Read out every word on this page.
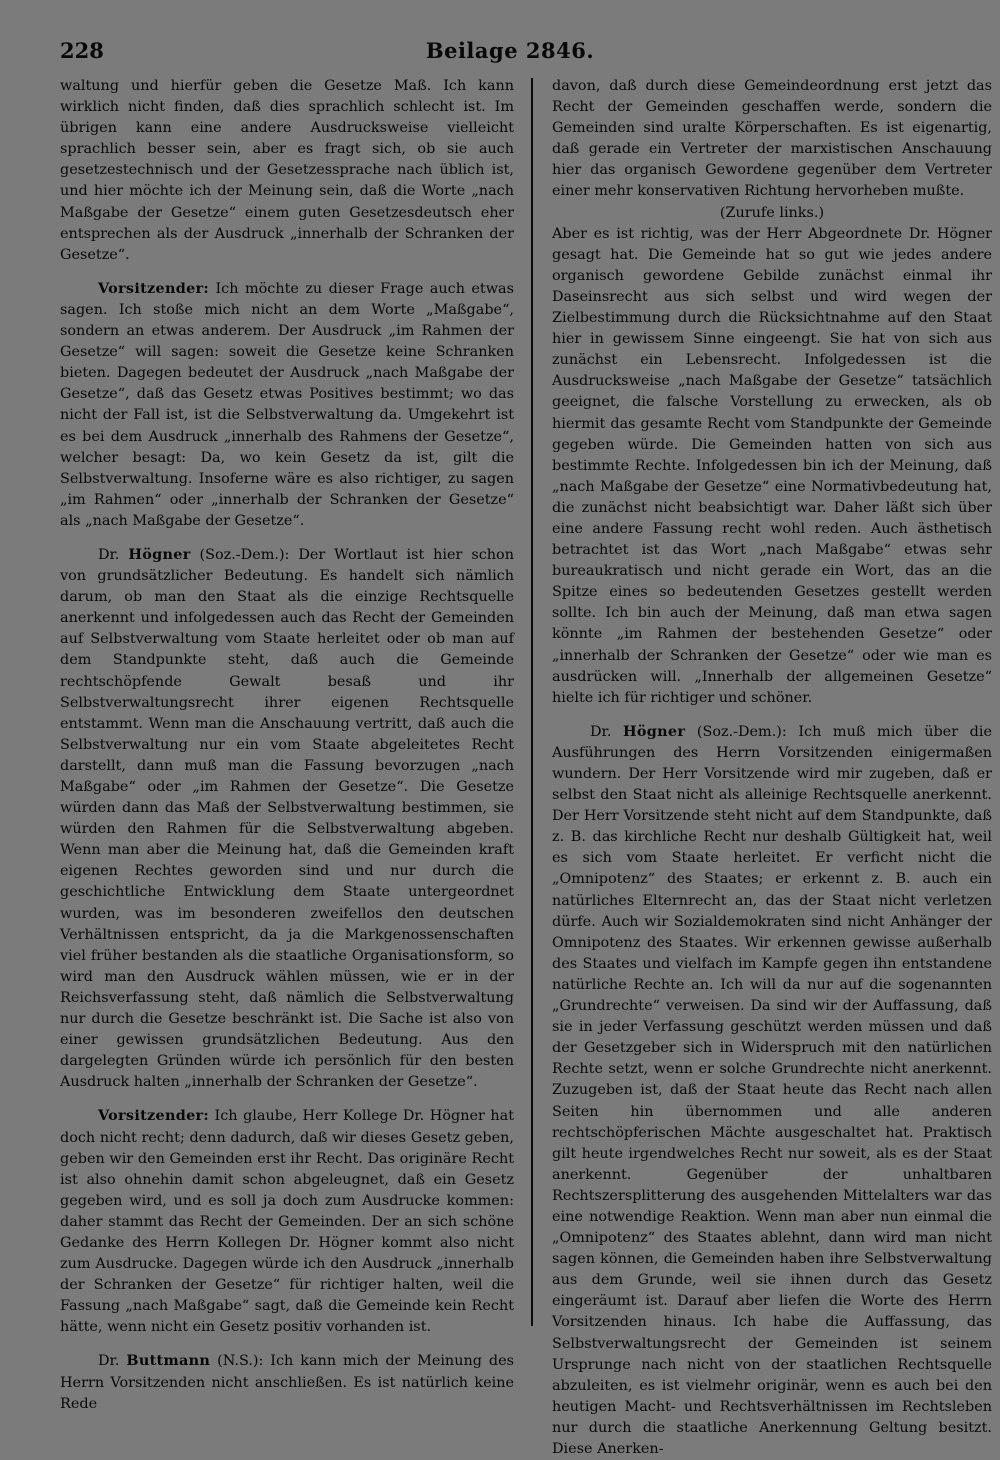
228	Beilage 2846.

waltung und hierfür geben die Gesetze Maß. Ich kann wirklich nicht finden, daß dies sprachlich schlecht ist. Im übrigen kann eine andere Ausdrucksweise vielleicht sprachlich besser sein, aber es fragt sich, ob sie auch gesetzestechnisch und der Gesetzessprache nach üblich ist, und hier möchte ich der Meinung sein, daß die Worte „nach Maßgabe der Gesetze“ einem guten Gesetzesdeutsch eher entsprechen als der Ausdruck „innerhalb der Schranken der Gesetze“.

Vorsitzender: Ich möchte zu dieser Frage auch etwas sagen. Ich stoße mich nicht an dem Worte „Maßgabe“, sondern an etwas anderem. Der Ausdruck „im Rahmen der Gesetze“ will sagen: soweit die Gesetze keine Schranken bieten. Dagegen bedeutet der Ausdruck „nach Maßgabe der Gesetze“, daß das Gesetz etwas Positives bestimmt; wo das nicht der Fall ist, ist die Selbstverwaltung da. Umgekehrt ist es bei dem Ausdruck „innerhalb des Rahmens der Gesetze“, welcher besagt: Da, wo kein Gesetz da ist, gilt die Selbstverwaltung. Insoferne wäre es also richtiger, zu sagen „im Rahmen“ oder „innerhalb der Schranken der Gesetze“ als „nach Maßgabe der Gesetze“.

Dr. Högner (Soz.-Dem.): Der Wortlaut ist hier schon von grundsätzlicher Bedeutung. Es handelt sich nämlich darum, ob man den Staat als die einzige Rechtsquelle anerkennt und infolgedessen auch das Recht der Gemeinden auf Selbstverwaltung vom Staate herleitet oder ob man auf dem Standpunkte steht, daß auch die Gemeinde rechtschöpfende Gewalt besaß und ihr Selbstverwaltungsrecht ihrer eigenen Rechtsquelle entstammt. Wenn man die Anschauung vertritt, daß auch die Selbstverwaltung nur ein vom Staate abgeleitetes Recht darstellt, dann muß man die Fassung bevorzugen „nach Maßgabe“ oder „im Rahmen der Gesetze“. Die Gesetze würden dann das Maß der Selbstverwaltung bestimmen, sie würden den Rahmen für die Selbstverwaltung abgeben. Wenn man aber die Meinung hat, daß die Gemeinden kraft eigenen Rechtes geworden sind und nur durch die geschichtliche Entwicklung dem Staate untergeordnet wurden, was im besonderen zweifellos den deutschen Verhältnissen entspricht, da ja die Markgenossenschaften viel früher bestanden als die staatliche Organisationsform, so wird man den Ausdruck wählen müssen, wie er in der Reichsverfassung steht, daß nämlich die Selbstverwaltung nur durch die Gesetze beschränkt ist. Die Sache ist also von einer gewissen grundsätzlichen Bedeutung. Aus den dargelegten Gründen würde ich persönlich für den besten Ausdruck halten „innerhalb der Schranken der Gesetze“.

Vorsitzender: Ich glaube, Herr Kollege Dr. Högner hat doch nicht recht; denn dadurch, daß wir dieses Gesetz geben, geben wir den Gemeinden erst ihr Recht. Das originäre Recht ist also ohnehin damit schon abgeleugnet, daß ein Gesetz gegeben wird, und es soll ja doch zum Ausdrucke kommen: daher stammt das Recht der Gemeinden. Der an sich schöne Gedanke des Herrn Kollegen Dr. Högner kommt also nicht zum Ausdrucke. Dagegen würde ich den Ausdruck „innerhalb der Schranken der Gesetze“ für richtiger halten, weil die Fassung „nach Maßgabe“ sagt, daß die Gemeinde kein Recht hätte, wenn nicht ein Gesetz positiv vorhanden ist.

Dr. Buttmann (N.S.): Ich kann mich der Meinung des Herrn Vorsitzenden nicht anschließen. Es ist natürlich keine Rede

davon, daß durch diese Gemeindeordnung erst jetzt das Recht der Gemeinden geschaffen werde, sondern die Gemeinden sind uralte Körperschaften. Es ist eigenartig, daß gerade ein Vertreter der marxistischen Anschauung hier das organisch Gewordene gegenüber dem Vertreter einer mehr konservativen Richtung hervorheben mußte.

(Zurufe links.)

Aber es ist richtig, was der Herr Abgeordnete Dr. Högner gesagt hat. Die Gemeinde hat so gut wie jedes andere organisch gewordene Gebilde zunächst einmal ihr Daseinsrecht aus sich selbst und wird wegen der Zielbestimmung durch die Rücksichtnahme auf den Staat hier in gewissem Sinne eingeengt. Sie hat von sich aus zunächst ein Lebensrecht. Infolgedessen ist die Ausdrucksweise „nach Maßgabe der Gesetze“ tatsächlich geeignet, die falsche Vorstellung zu erwecken, als ob hiermit das gesamte Recht vom Standpunkte der Gemeinde gegeben würde. Die Gemeinden hatten von sich aus bestimmte Rechte. Infolgedessen bin ich der Meinung, daß „nach Maßgabe der Gesetze“ eine Normativbedeutung hat, die zunächst nicht beabsichtigt war. Daher läßt sich über eine andere Fassung recht wohl reden. Auch ästhetisch betrachtet ist das Wort „nach Maßgabe“ etwas sehr bureaukratisch und nicht gerade ein Wort, das an die Spitze eines so bedeutenden Gesetzes gestellt werden sollte. Ich bin auch der Meinung, daß man etwa sagen könnte „im Rahmen der bestehenden Gesetze“ oder „innerhalb der Schranken der Gesetze“ oder wie man es ausdrücken will. „Innerhalb der allgemeinen Gesetze“ hielte ich für richtiger und schöner.

Dr. Högner (Soz.-Dem.): Ich muß mich über die Ausführungen des Herrn Vorsitzenden einigermaßen wundern. Der Herr Vorsitzende wird mir zugeben, daß er selbst den Staat nicht als alleinige Rechtsquelle anerkennt. Der Herr Vorsitzende steht nicht auf dem Standpunkte, daß z. B. das kirchliche Recht nur deshalb Gültigkeit hat, weil es sich vom Staate herleitet. Er verficht nicht die „Omnipotenz“ des Staates; er erkennt z. B. auch ein natürliches Elternrecht an, das der Staat nicht verletzen dürfe. Auch wir Sozialdemokraten sind nicht Anhänger der Omnipotenz des Staates. Wir erkennen gewisse außerhalb des Staates und vielfach im Kampfe gegen ihn entstandene natürliche Rechte an. Ich will da nur auf die sogenannten „Grundrechte“ verweisen. Da sind wir der Auffassung, daß sie in jeder Verfassung geschützt werden müssen und daß der Gesetzgeber sich in Widerspruch mit den natürlichen Rechte setzt, wenn er solche Grundrechte nicht anerkennt. Zuzugeben ist, daß der Staat heute das Recht nach allen Seiten hin übernommen und alle anderen rechtschöpferischen Mächte ausgeschaltet hat. Praktisch gilt heute irgendwelches Recht nur soweit, als es der Staat anerkennt. Gegenüber der unhaltbaren Rechtszersplitterung des ausgehenden Mittelalters war das eine notwendige Reaktion. Wenn man aber nun einmal die „Omnipotenz“ des Staates ablehnt, dann wird man nicht sagen können, die Gemeinden haben ihre Selbstverwaltung aus dem Grunde, weil sie ihnen durch das Gesetz eingeräumt ist. Darauf aber liefen die Worte des Herrn Vorsitzenden hinaus. Ich habe die Auffassung, das Selbstverwaltungsrecht der Gemeinden ist seinem Ursprunge nach nicht von der staatlichen Rechtsquelle abzuleiten, es ist vielmehr originär, wenn es auch bei den heutigen Macht- und Rechtsverhältnissen im Rechtsleben nur durch die staatliche Anerkennung Geltung besitzt. Diese Anerken-
